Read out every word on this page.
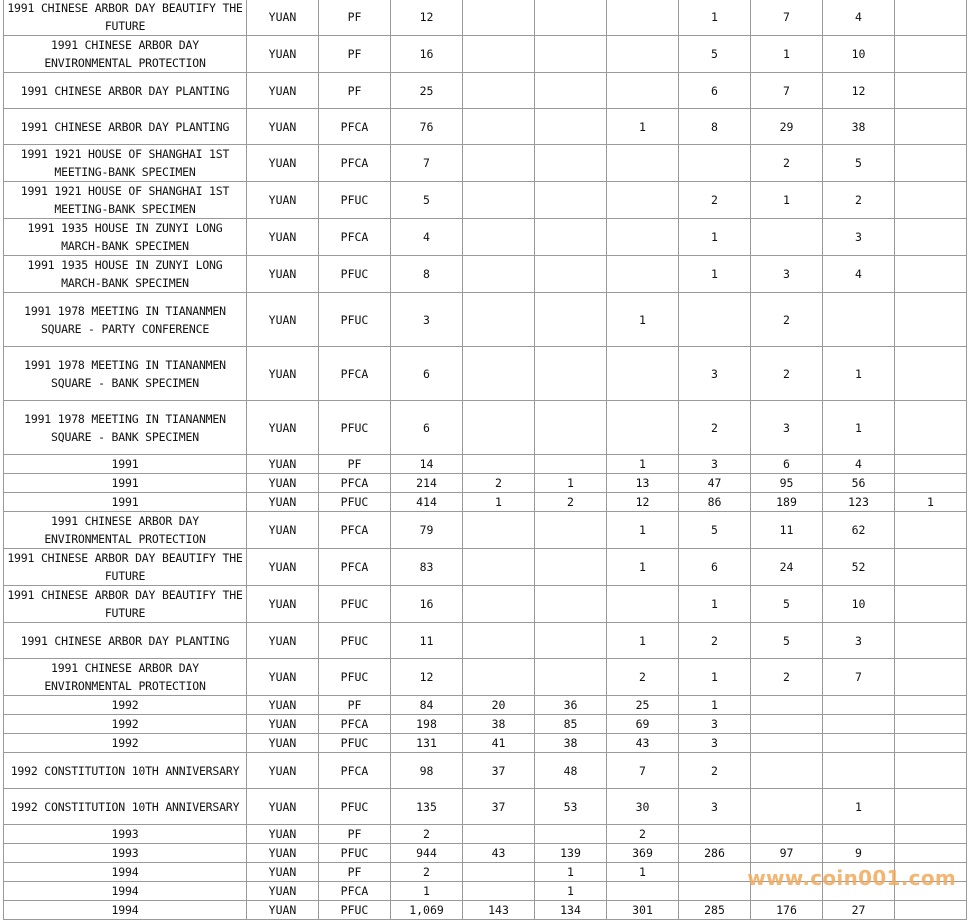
1991 CHINESE ARBOR DAY BEAUTIFY THE FUTURE	YUAN	PF	12				1	7	4	
1991 CHINESE ARBOR DAY ENVIRONMENTAL PROTECTION	YUAN	PF	16				5	1	10	
1991 CHINESE ARBOR DAY PLANTING	YUAN	PF	25				6	7	12	
1991 CHINESE ARBOR DAY PLANTING	YUAN	PFCA	76			1	8	29	38	
1991 1921 HOUSE OF SHANGHAI 1ST MEETING-BANK SPECIMEN	YUAN	PFCA	7					2	5	
1991 1921 HOUSE OF SHANGHAI 1ST MEETING-BANK SPECIMEN	YUAN	PFUC	5				2	1	2	
1991 1935 HOUSE IN ZUNYI LONG MARCH-BANK SPECIMEN	YUAN	PFCA	4				1		3	
1991 1935 HOUSE IN ZUNYI LONG MARCH-BANK SPECIMEN	YUAN	PFUC	8				1	3	4	
1991 1978 MEETING IN TIANANMEN SQUARE - PARTY CONFERENCE	YUAN	PFUC	3			1		2		
1991 1978 MEETING IN TIANANMEN SQUARE - BANK SPECIMEN	YUAN	PFCA	6				3	2	1	
1991 1978 MEETING IN TIANANMEN SQUARE - BANK SPECIMEN	YUAN	PFUC	6				2	3	1	
1991	YUAN	PF	14			1	3	6	4	
1991	YUAN	PFCA	214	2	1	13	47	95	56	
1991	YUAN	PFUC	414	1	2	12	86	189	123	1
1991 CHINESE ARBOR DAY ENVIRONMENTAL PROTECTION	YUAN	PFCA	79			1	5	11	62	
1991 CHINESE ARBOR DAY BEAUTIFY THE FUTURE	YUAN	PFCA	83			1	6	24	52	
1991 CHINESE ARBOR DAY BEAUTIFY THE FUTURE	YUAN	PFUC	16				1	5	10	
1991 CHINESE ARBOR DAY PLANTING	YUAN	PFUC	11			1	2	5	3	
1991 CHINESE ARBOR DAY ENVIRONMENTAL PROTECTION	YUAN	PFUC	12			2	1	2	7	
1992	YUAN	PF	84	20	36	25	1			
1992	YUAN	PFCA	198	38	85	69	3			
1992	YUAN	PFUC	131	41	38	43	3			
1992 CONSTITUTION 10TH ANNIVERSARY	YUAN	PFCA	98	37	48	7	2			
1992 CONSTITUTION 10TH ANNIVERSARY	YUAN	PFUC	135	37	53	30	3		1	
1993	YUAN	PF	2			2				
1993	YUAN	PFUC	944	43	139	369	286	97	9	
1994	YUAN	PF	2		1	1				
1994	YUAN	PFCA	1		1					
1994	YUAN	PFUC	1,069	143	134	301	285	176	27	
www.coin001.com
